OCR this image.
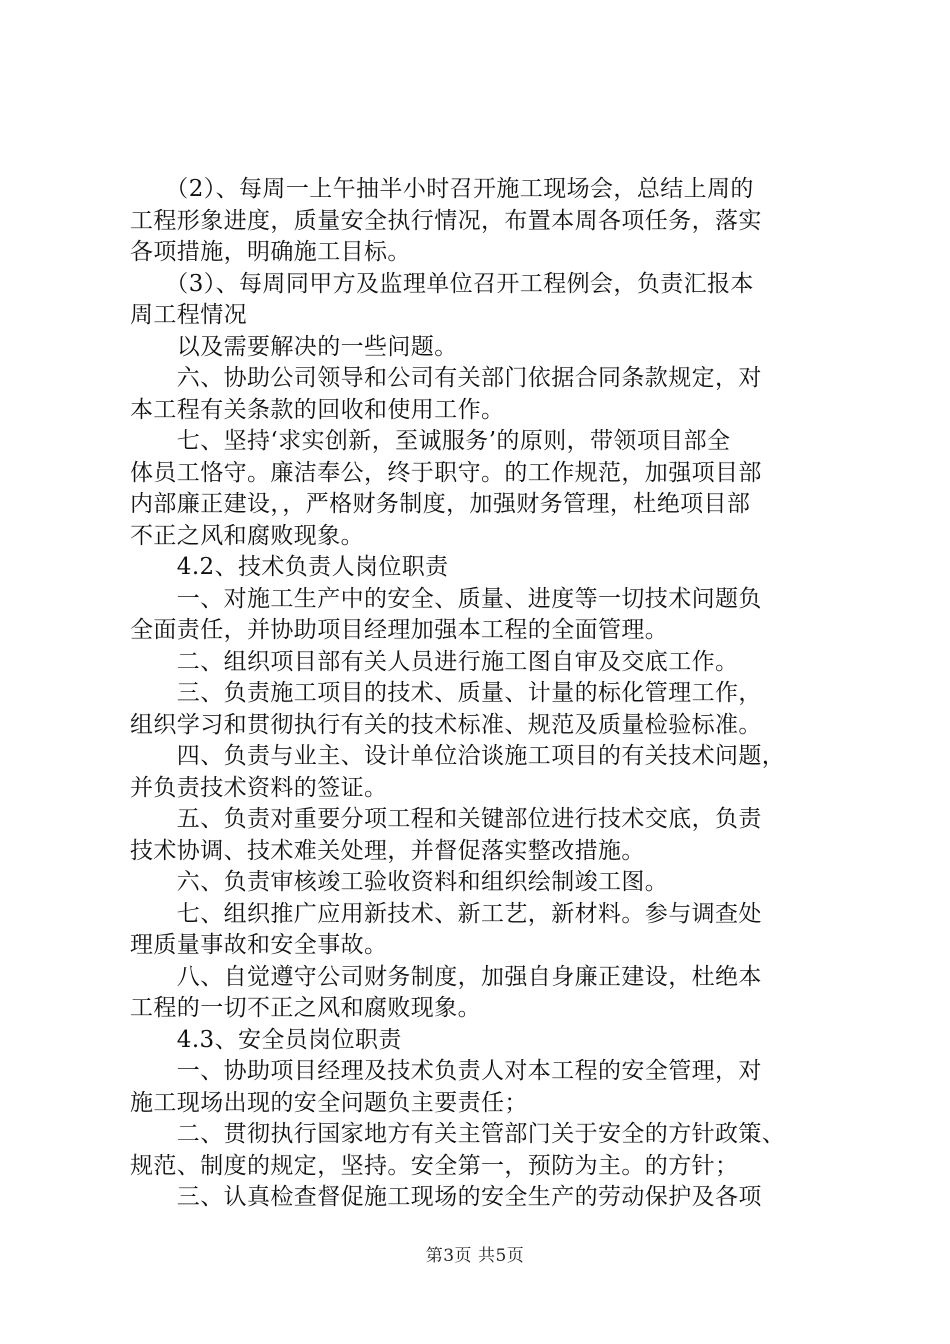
　　（2）、每周一上午抽半小时召开施工现场会，总结上周的

工程形象进度，质量安全执行情况，布置本周各项任务，落实

各项措施，明确施工目标。

　　（3）、每周同甲方及监理单位召开工程例会，负责汇报本

周工程情况

　　以及需要解决的一些问题。

　　六、协助公司领导和公司有关部门依据合同条款规定，对

本工程有关条款的回收和使用工作。

　　七、坚持‘求实创新，至诚服务’的原则，带领项目部全

体员工恪守。廉洁奉公，终于职守。的工作规范，加强项目部

内部廉正建设，，严格财务制度，加强财务管理，杜绝项目部

不正之风和腐败现象。

　　4.2、技术负责人岗位职责

　　一、对施工生产中的安全、质量、进度等一切技术问题负

全面责任，并协助项目经理加强本工程的全面管理。

　　二、组织项目部有关人员进行施工图自审及交底工作。

　　三、负责施工项目的技术、质量、计量的标化管理工作，

组织学习和贯彻执行有关的技术标准、规范及质量检验标准。

　　四、负责与业主、设计单位洽谈施工项目的有关技术问题，

并负责技术资料的签证。

　　五、负责对重要分项工程和关键部位进行技术交底，负责

技术协调、技术难关处理，并督促落实整改措施。

　　六、负责审核竣工验收资料和组织绘制竣工图。

　　七、组织推广应用新技术、新工艺，新材料。参与调查处

理质量事故和安全事故。

　　八、自觉遵守公司财务制度，加强自身廉正建设，杜绝本

工程的一切不正之风和腐败现象。

　　4.3、安全员岗位职责

　　一、协助项目经理及技术负责人对本工程的安全管理，对

施工现场出现的安全问题负主要责任；

　　二、贯彻执行国家地方有关主管部门关于安全的方针政策、

规范、制度的规定，坚持。安全第一，预防为主。的方针；

　　三、认真检查督促施工现场的安全生产的劳动保护及各项

第3页 共5页
